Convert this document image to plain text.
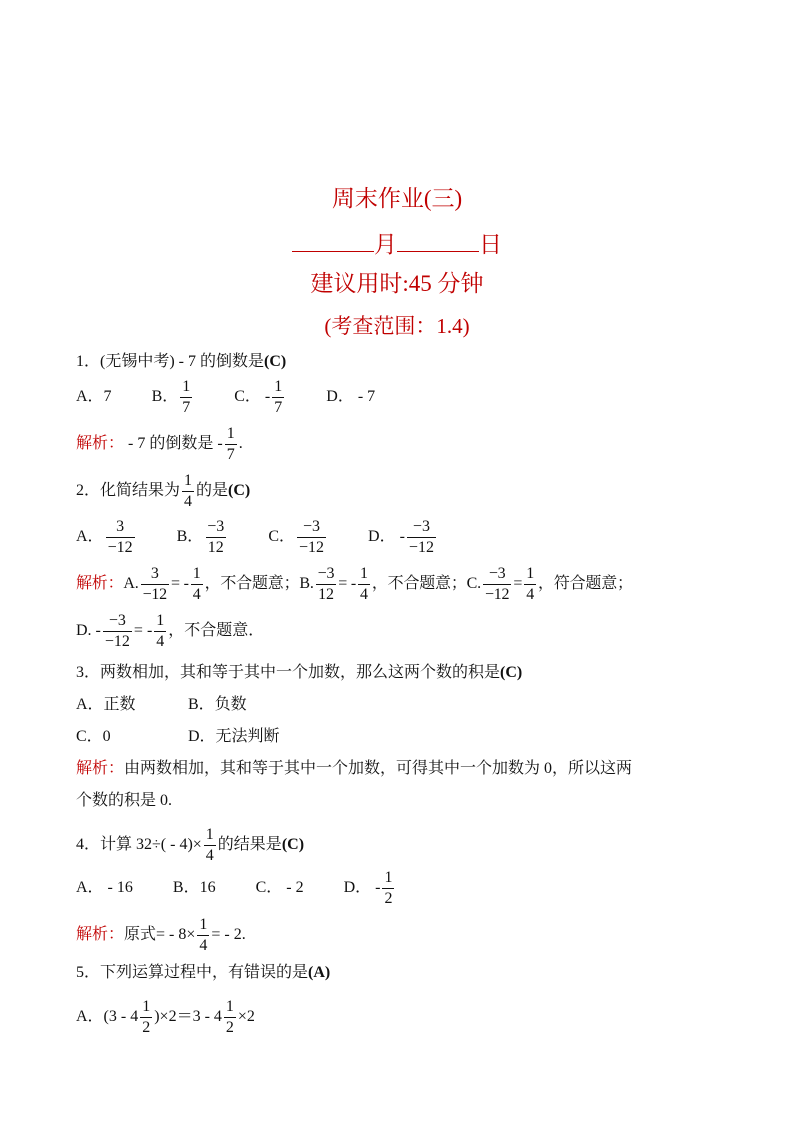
周末作业(三)
月	日
建议用时:45 分钟
(考查范围：1.4)
1．(无锡中考) - 7 的倒数是(C)
A．7	B． $\frac{1}{7}$	C． - $\frac{1}{7}$	D． - 7
解析： - 7 的倒数是 - $\frac{1}{7}$ .
2．化简结果为 $\frac{1}{4}$ 的是(C)
A． $\frac{3}{-12}$	B． $\frac{-3}{12}$	C． $\frac{-3}{-12}$	D． - $\frac{-3}{-12}$
解析：A. $\frac{3}{-12}$ = - $\frac{1}{4}$ ，不合题意；B. $\frac{-3}{12}$ = - $\frac{1}{4}$ ，不合题意；C. $\frac{-3}{-12} = \frac{1}{4}$ ，符合题意；
D. - $\frac{-3}{-12}$ = - $\frac{1}{4}$ ，不合题意．
3．两数相加，其和等于其中一个加数，那么这两个数的积是(C)
A．正数	B．负数
C．0	D．无法判断
解析：由两数相加，其和等于其中一个加数，可得其中一个加数为 0，所以这两
个数的积是 0.
4．计算 $32\div( - 4)\times \frac{1}{4}$ 的结果是(C)
A． - 16	B．16	C． - 2	D． - $\frac{1}{2}$
解析：原式= - $8\times \frac{1}{4}$ = - 2.
5．下列运算过程中，有错误的是(A)
A．$(3 - 4 \frac{1}{2} )\times 2=3 - 4 \frac{1}{2} \times 2$
